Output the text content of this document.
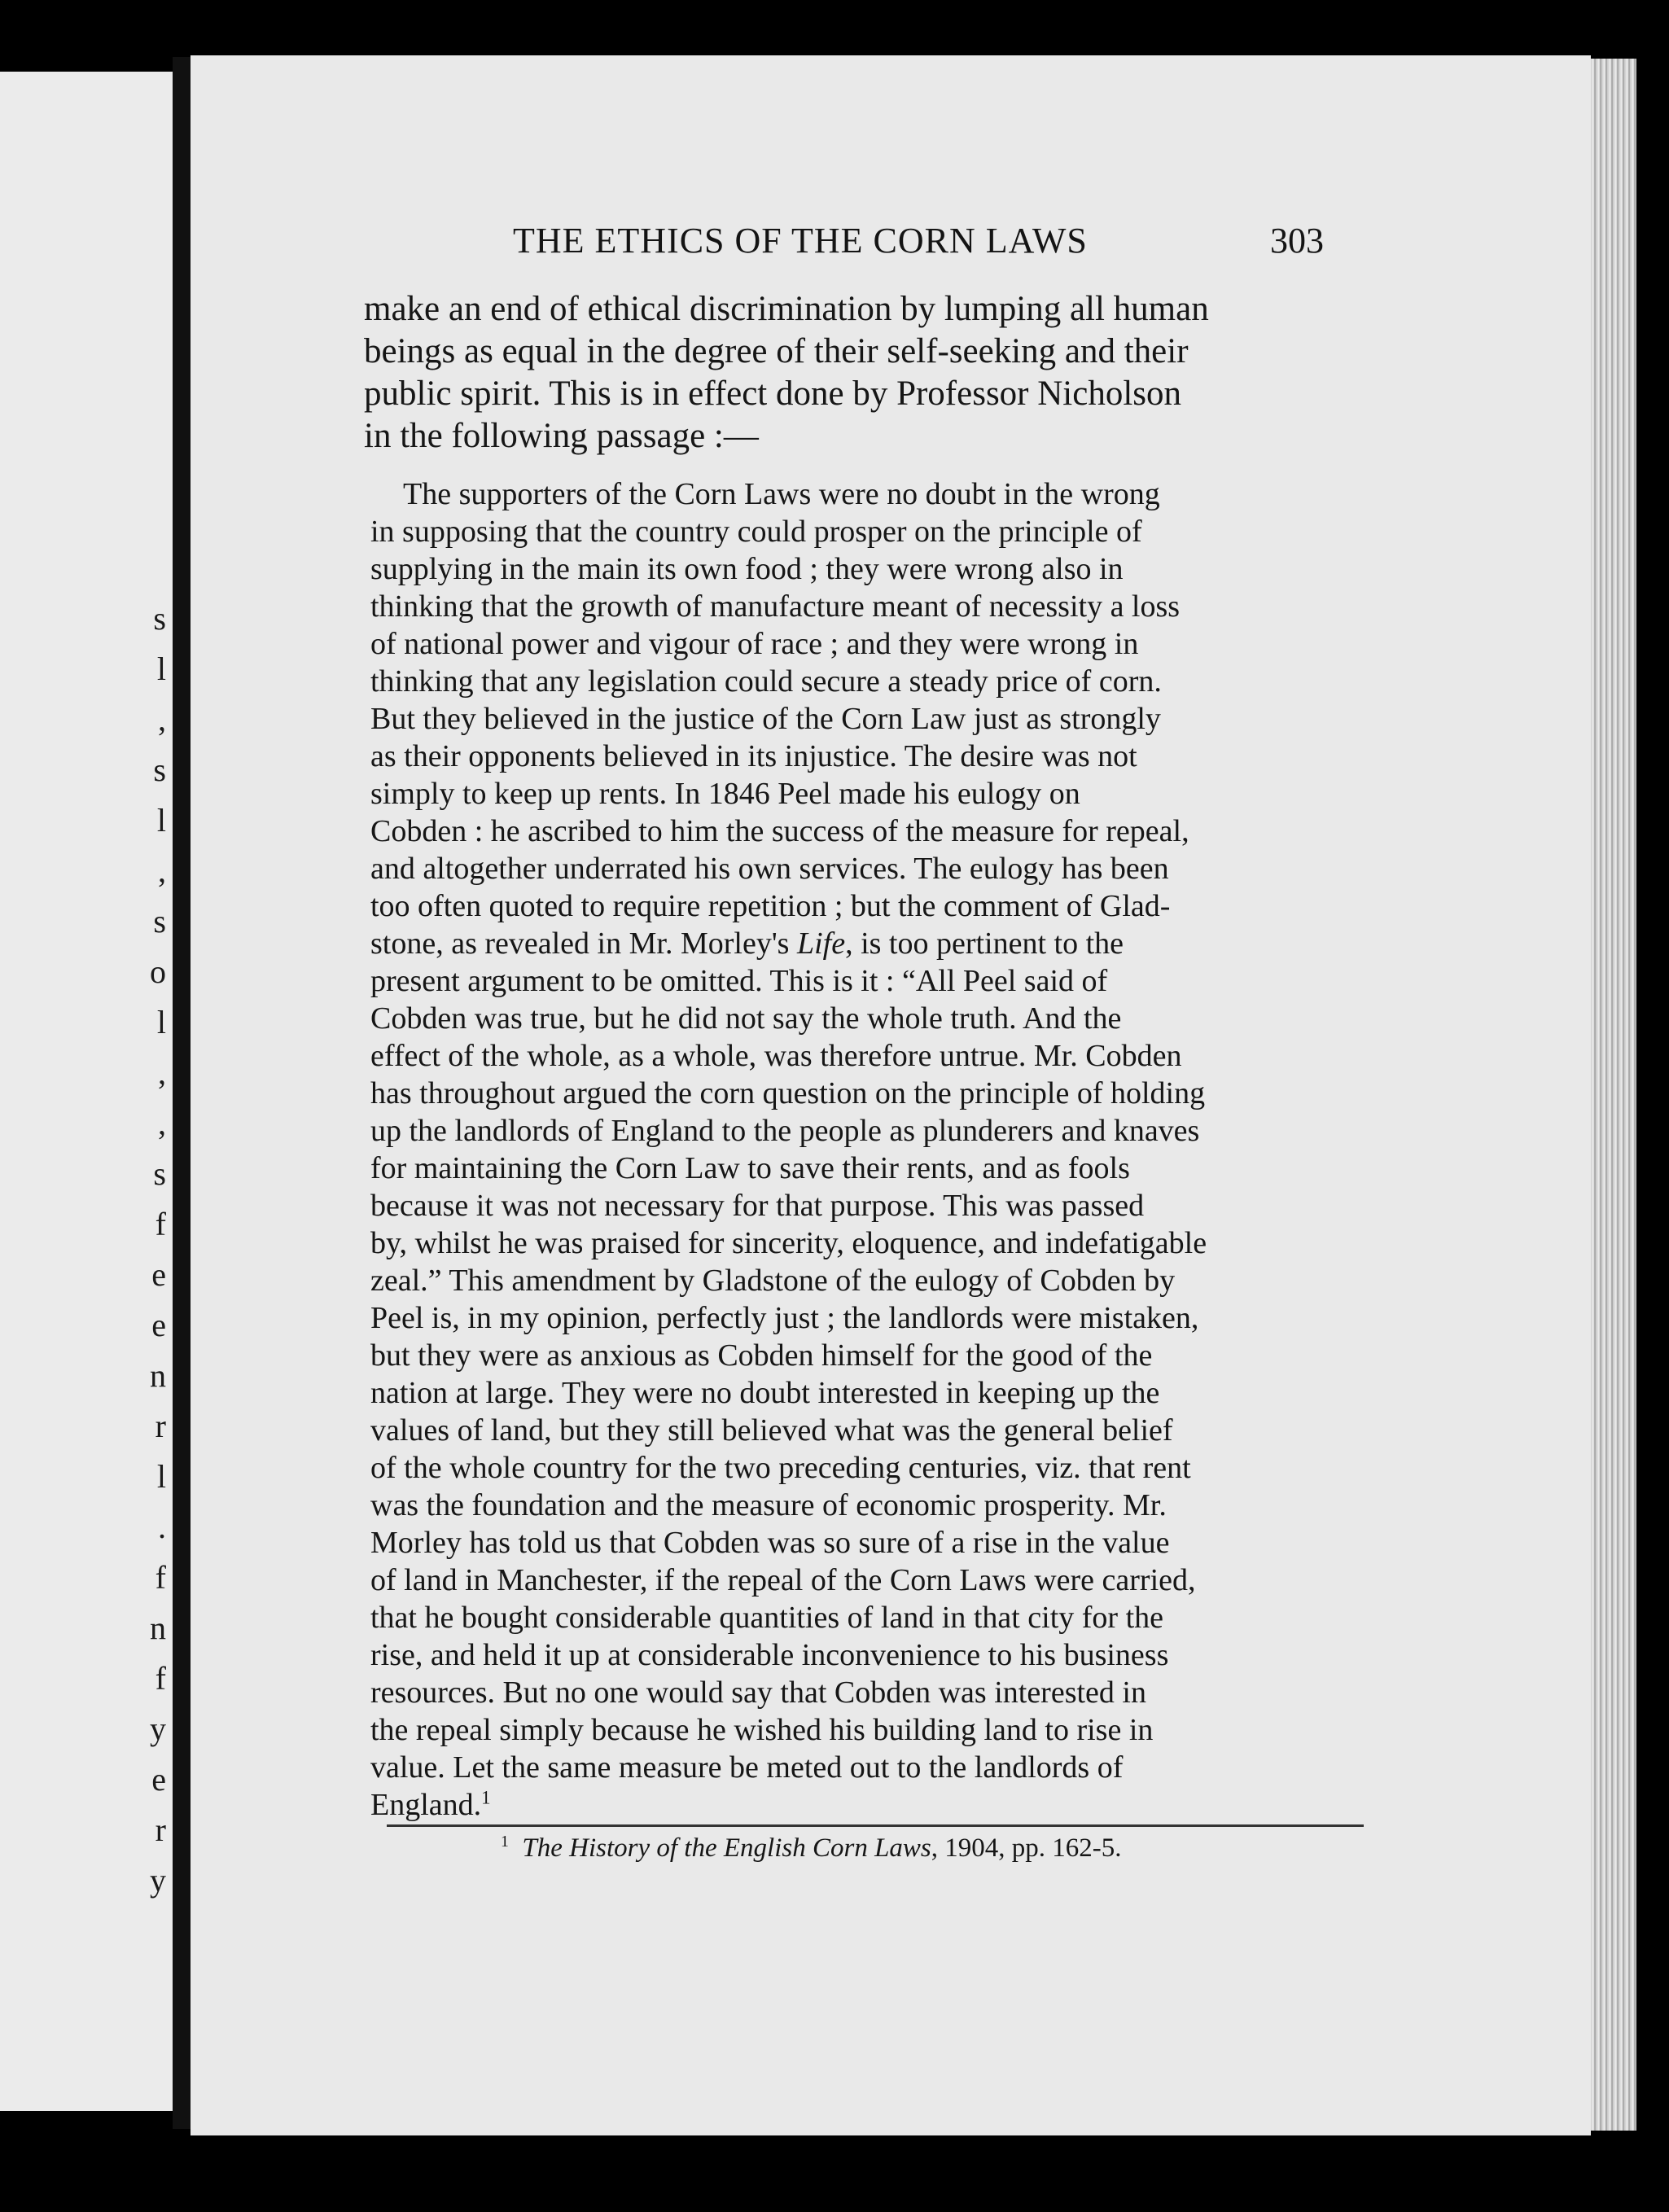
s
l
,
s
l
,
s
o
l
,
,
s
f
e
e
n
r
l
.
f
n
f
y
e
r
y
THE ETHICS OF THE CORN LAWS	303
make an end of ethical discrimination by lumping all human
beings as equal in the degree of their self-seeking and their
public spirit. This is in effect done by Professor Nicholson
in the following passage :—
The supporters of the Corn Laws were no doubt in the wrong
in supposing that the country could prosper on the principle of
supplying in the main its own food ; they were wrong also in
thinking that the growth of manufacture meant of necessity a loss
of national power and vigour of race ; and they were wrong in
thinking that any legislation could secure a steady price of corn.
But they believed in the justice of the Corn Law just as strongly
as their opponents believed in its injustice. The desire was not
simply to keep up rents. In 1846 Peel made his eulogy on
Cobden : he ascribed to him the success of the measure for repeal,
and altogether underrated his own services. The eulogy has been
too often quoted to require repetition ; but the comment of Glad-
stone, as revealed in Mr. Morley's Life, is too pertinent to the
present argument to be omitted. This is it : “All Peel said of
Cobden was true, but he did not say the whole truth. And the
effect of the whole, as a whole, was therefore untrue. Mr. Cobden
has throughout argued the corn question on the principle of holding
up the landlords of England to the people as plunderers and knaves
for maintaining the Corn Law to save their rents, and as fools
because it was not necessary for that purpose. This was passed
by, whilst he was praised for sincerity, eloquence, and indefatigable
zeal.” This amendment by Gladstone of the eulogy of Cobden by
Peel is, in my opinion, perfectly just ; the landlords were mistaken,
but they were as anxious as Cobden himself for the good of the
nation at large. They were no doubt interested in keeping up the
values of land, but they still believed what was the general belief
of the whole country for the two preceding centuries, viz. that rent
was the foundation and the measure of economic prosperity. Mr.
Morley has told us that Cobden was so sure of a rise in the value
of land in Manchester, if the repeal of the Corn Laws were carried,
that he bought considerable quantities of land in that city for the
rise, and held it up at considerable inconvenience to his business
resources. But no one would say that Cobden was interested in
the repeal simply because he wished his building land to rise in
value. Let the same measure be meted out to the landlords of
England.$^1$
$^1$ The History of the English Corn Laws, 1904, pp. 162-5.
